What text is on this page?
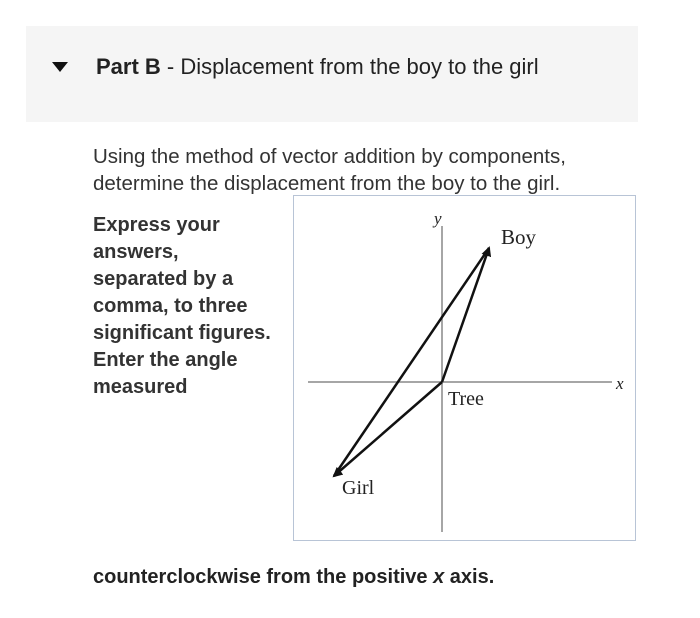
Part B - Displacement from the boy to the girl
Using the method of vector addition by components, determine the displacement from the boy to the girl.
Express your answers, separated by a comma, to three significant figures. Enter the angle measured
y
x
Boy
Tree
Girl
counterclockwise from the positive x axis.
